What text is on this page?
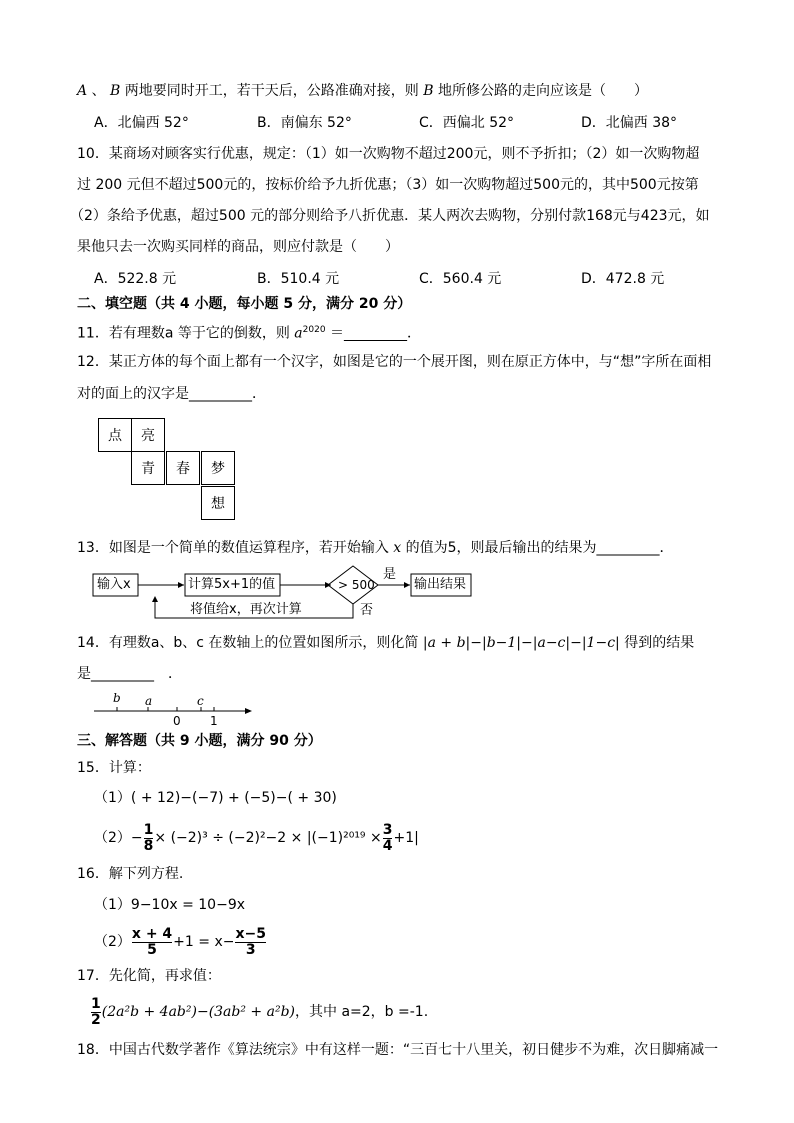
A 、 B 两地要同时开工，若干天后，公路准确对接，则 B 地所修公路的走向应该是（　　）
A．北偏西 52°	B．南偏东 52°	C．西偏北 52°	D．北偏西 38°
10．某商场对顾客实行优惠，规定：（1）如一次购物不超过200元，则不予折扣；（2）如一次购物超
过 200 元但不超过500元的，按标价给予九折优惠；（3）如一次购物超过500元的，其中500元按第
（2）条给予优惠，超过500 元的部分则给予八折优惠．某人两次去购物，分别付款168元与423元，如
果他只去一次购买同样的商品，则应付款是（　　）
A．522.8 元	B．510.4 元	C．560.4 元	D．472.8 元
二、填空题（共 4 小题，每小题 5 分，满分 20 分）
11．若有理数a 等于它的倒数，则 $a^{2020}$ ＝_________．
12．某正方体的每个面上都有一个汉字，如图是它的一个展开图，则在原正方体中，与“想”字所在面相
对的面上的汉字是_________．
点	亮
青	春	梦
想
13．如图是一个简单的数值运算程序，若开始输入 x 的值为5，则最后输出的结果为_________．
输入x	计算5x+1的值	> 500
是
否
输出结果
将值给x，再次计算
14．有理数a、b、c 在数轴上的位置如图所示，则化简 |a + b|−|b−1|−|a−c|−|1−c| 得到的结果
是_________　．
b a	c
0 1
三、解答题（共 9 小题，满分 90 分）
15．计算：
（1）( + 12)−(−7) + (−5)−( + 30)
$(2)- \frac{1}{8} \times (-2)^3 \div (-2)^2-2 \times |(-1)^{2019} \times \frac{3}{4} +1|$
16．解下列方程.
（1）9−10x = 10−9x
$(2) \frac{x + 4}{5} +1 = x- \frac{x-5}{3}$
17．先化简，再求值：
$\frac{1}{2} (2a^2b + 4ab^2)-(3ab^2 + a^2b)$，其中 a=2，b =-1.
18．中国古代数学著作《算法统宗》中有这样一题：“三百七十八里关，初日健步不为难，次日脚痛减一
